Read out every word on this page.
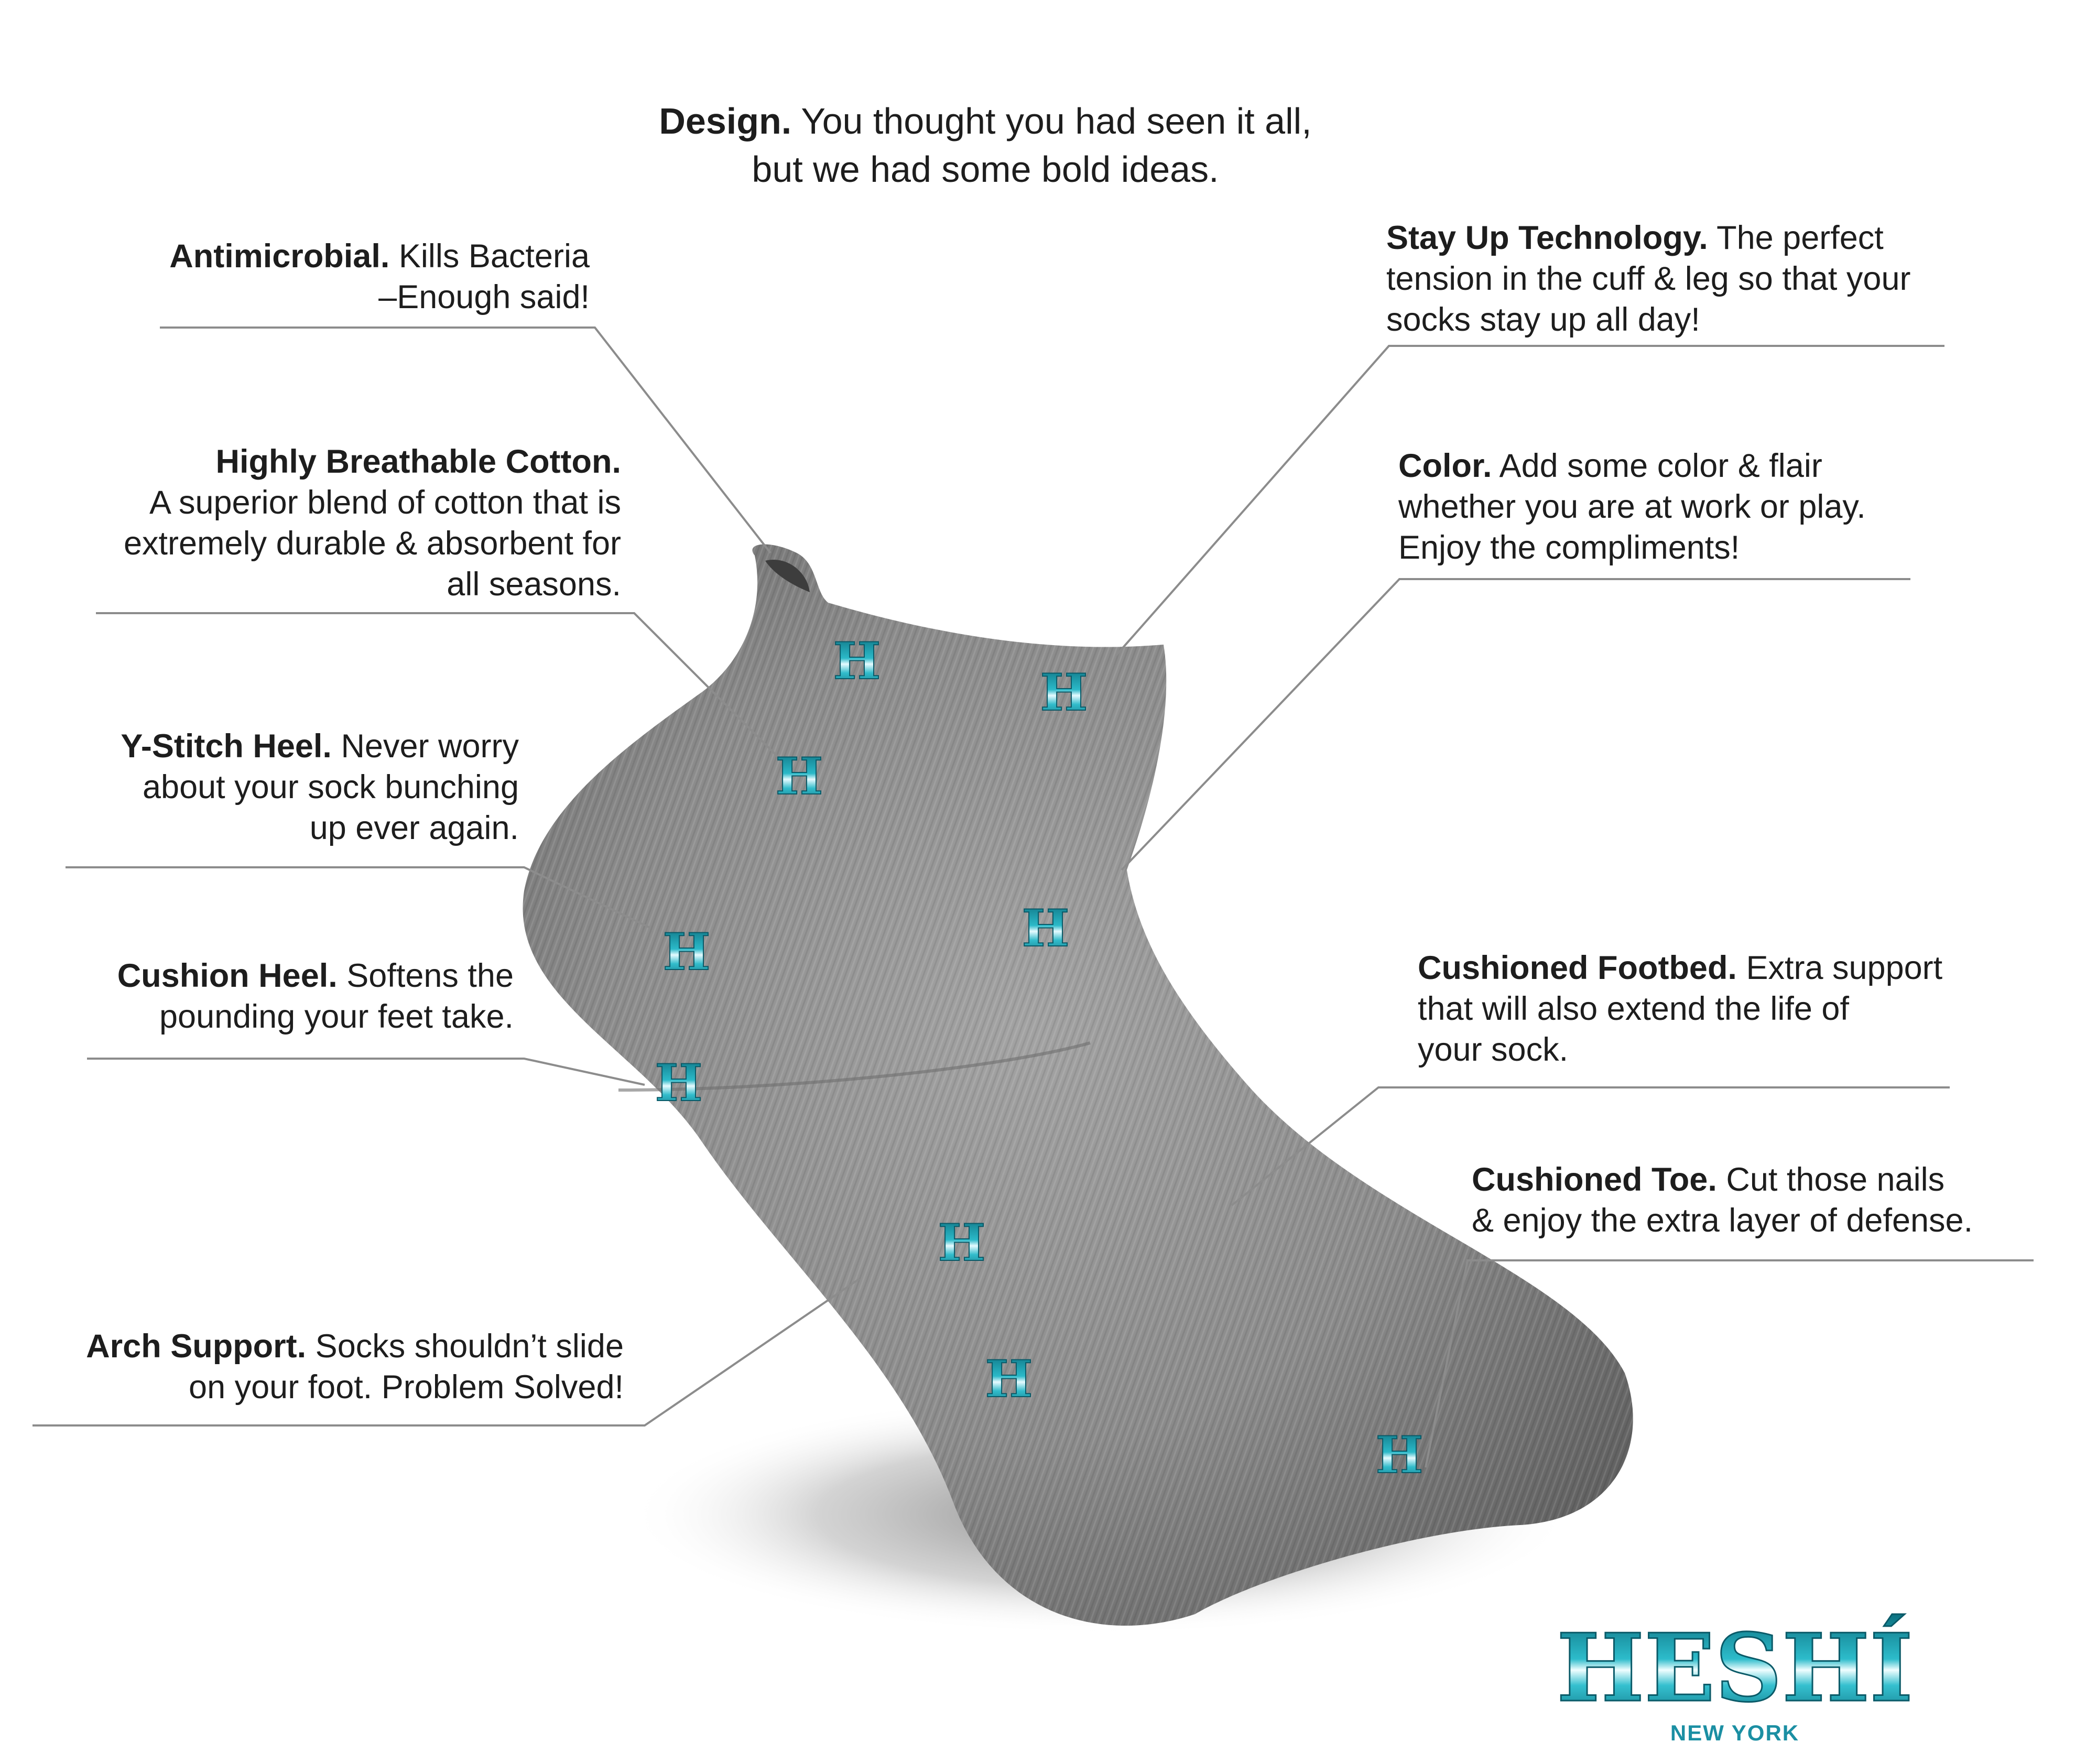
H
H
H
H
H
H
H
H
H
Design. You thought you had seen it all,
but we had some bold ideas.
Antimicrobial. Kills Bacteria
–Enough said!
Highly Breathable Cotton.
A superior blend of cotton that is
extremely durable & absorbent for
all seasons.
Y-Stitch Heel. Never worry
about your sock bunching
up ever again.
Cushion Heel. Softens the
pounding your feet take.
Arch Support. Socks shouldn’t slide
on your foot. Problem Solved!
Stay Up Technology. The perfect
tension in the cuff & leg so that your
socks stay up all day!
Color. Add some color & flair
whether you are at work or play.
Enjoy the compliments!
Cushioned Footbed. Extra support
that will also extend the life of
your sock.
Cushioned Toe. Cut those nails
& enjoy the extra layer of defense.
HESHÍ
NEW YORK
